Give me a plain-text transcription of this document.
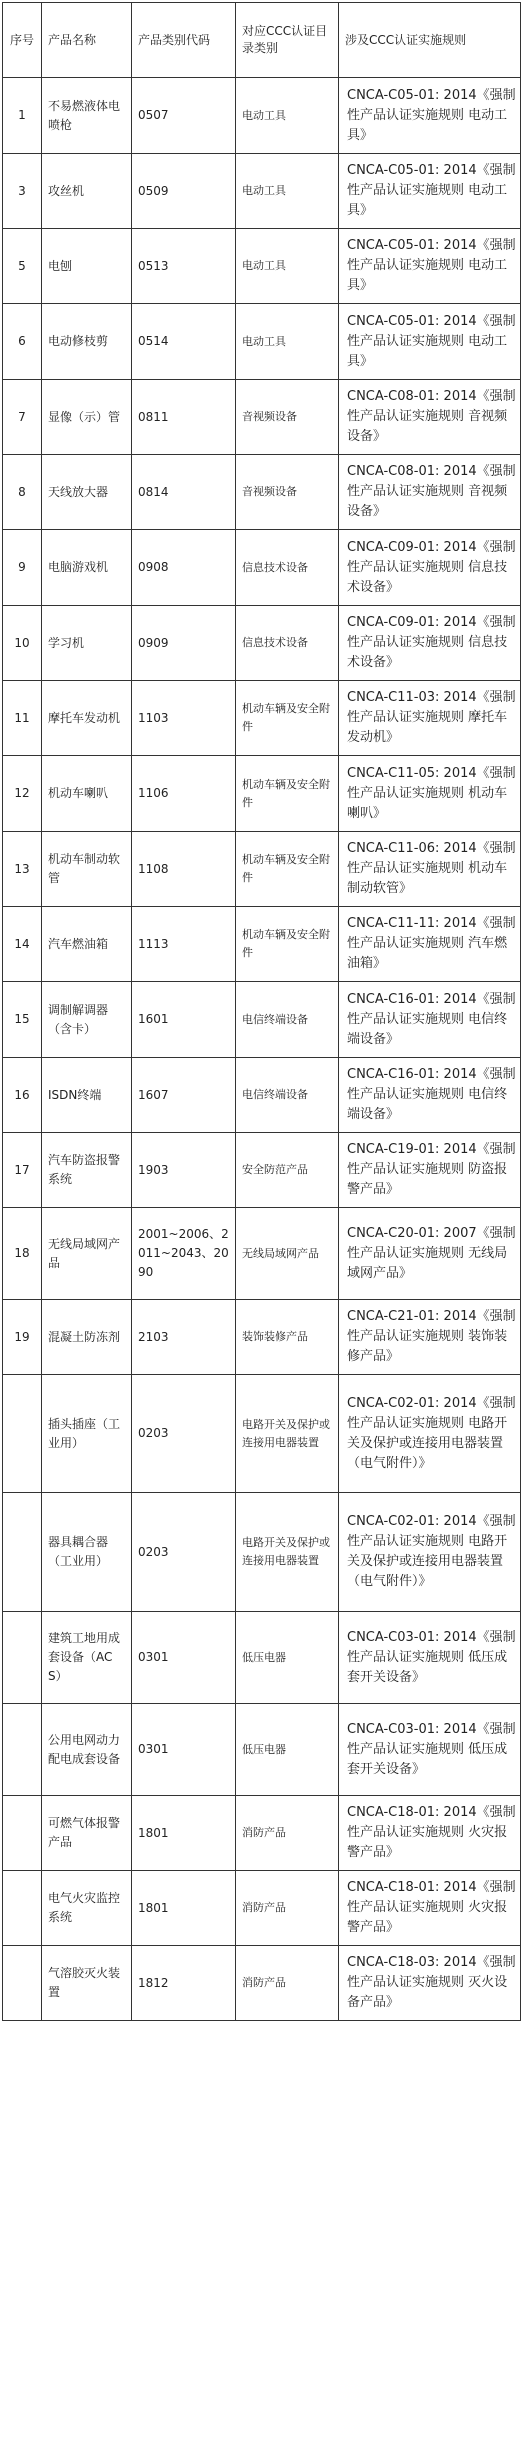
序号	产品名称	产品类别代码	对应CCC认证目录类别	涉及CCC认证实施规则
1	不易燃液体电喷枪	0507	电动工具	CNCA-C05-01: 2014《强制性产品认证实施规则 电动工具》
3	攻丝机	0509	电动工具	CNCA-C05-01: 2014《强制性产品认证实施规则 电动工具》
5	电刨	0513	电动工具	CNCA-C05-01: 2014《强制性产品认证实施规则 电动工具》
6	电动修枝剪	0514	电动工具	CNCA-C05-01: 2014《强制性产品认证实施规则 电动工具》
7	显像（示）管	0811	音视频设备	CNCA-C08-01: 2014《强制性产品认证实施规则 音视频设备》
8	天线放大器	0814	音视频设备	CNCA-C08-01: 2014《强制性产品认证实施规则 音视频设备》
9	电脑游戏机	0908	信息技术设备	CNCA-C09-01: 2014《强制性产品认证实施规则 信息技术设备》
10	学习机	0909	信息技术设备	CNCA-C09-01: 2014《强制性产品认证实施规则 信息技术设备》
11	摩托车发动机	1103	机动车辆及安全附件	CNCA-C11-03: 2014《强制性产品认证实施规则 摩托车发动机》
12	机动车喇叭	1106	机动车辆及安全附件	CNCA-C11-05: 2014《强制性产品认证实施规则 机动车喇叭》
13	机动车制动软管	1108	机动车辆及安全附件	CNCA-C11-06: 2014《强制性产品认证实施规则 机动车制动软管》
14	汽车燃油箱	1113	机动车辆及安全附件	CNCA-C11-11: 2014《强制性产品认证实施规则 汽车燃油箱》
15	调制解调器（含卡）	1601	电信终端设备	CNCA-C16-01: 2014《强制性产品认证实施规则 电信终端设备》
16	ISDN终端	1607	电信终端设备	CNCA-C16-01: 2014《强制性产品认证实施规则 电信终端设备》
17	汽车防盗报警系统	1903	安全防范产品	CNCA-C19-01: 2014《强制性产品认证实施规则 防盗报警产品》
18	无线局域网产品	2001~2006、2011~2043、2090	无线局域网产品	CNCA-C20-01: 2007《强制性产品认证实施规则 无线局域网产品》
19	混凝土防冻剂	2103	装饰装修产品	CNCA-C21-01: 2014《强制性产品认证实施规则 装饰装修产品》
	插头插座（工业用）	0203	电路开关及保护或连接用电器装置	CNCA-C02-01: 2014《强制性产品认证实施规则 电路开关及保护或连接用电器装置（电气附件）》
	器具耦合器（工业用）	0203	电路开关及保护或连接用电器装置	CNCA-C02-01: 2014《强制性产品认证实施规则 电路开关及保护或连接用电器装置（电气附件）》
	建筑工地用成套设备（ACS）	0301	低压电器	CNCA-C03-01: 2014《强制性产品认证实施规则 低压成套开关设备》
	公用电网动力配电成套设备	0301	低压电器	CNCA-C03-01: 2014《强制性产品认证实施规则 低压成套开关设备》
	可燃气体报警产品	1801	消防产品	CNCA-C18-01: 2014《强制性产品认证实施规则 火灾报警产品》
	电气火灾监控系统	1801	消防产品	CNCA-C18-01: 2014《强制性产品认证实施规则 火灾报警产品》
	气溶胶灭火装置	1812	消防产品	CNCA-C18-03: 2014《强制性产品认证实施规则 灭火设备产品》
